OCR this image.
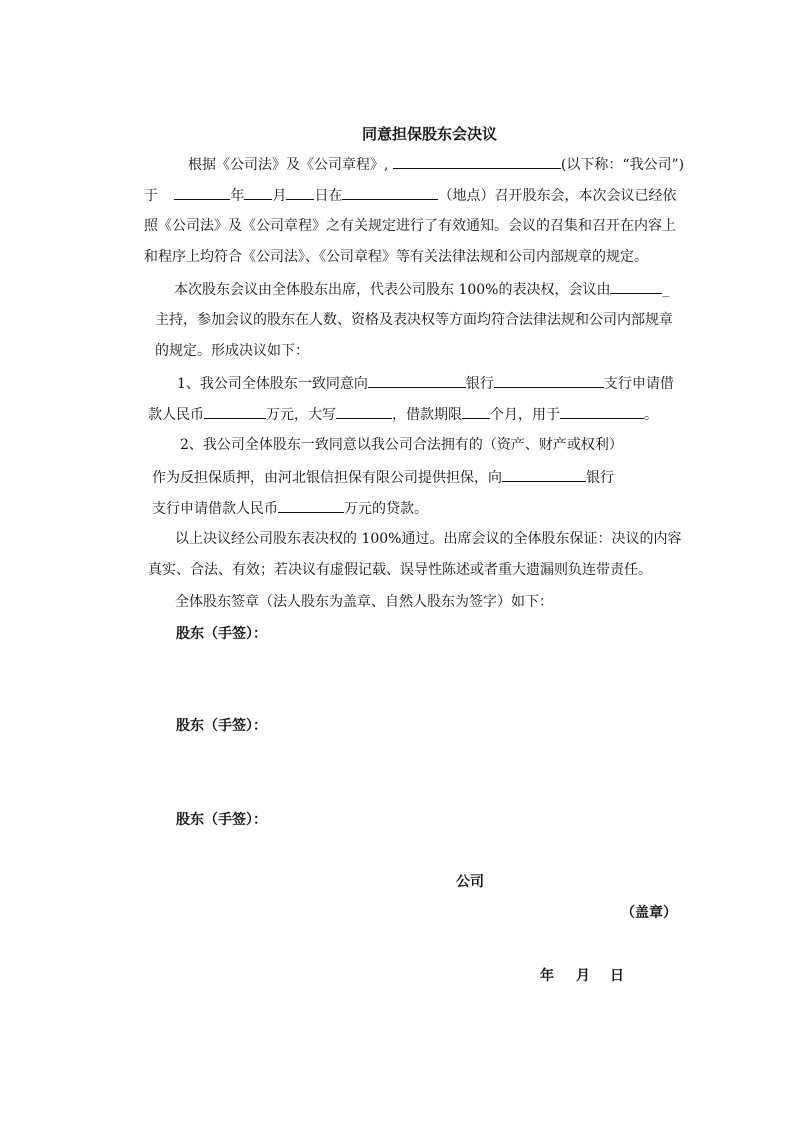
同意担保股东会决议
根据《公司法》及《公司章程》,	(以下称：“我公司”)
于	年 月 日在	（地点）召开股东会，本次会议已经依
照《公司法》及《公司章程》之有关规定进行了有效通知。会议的召集和召开在内容上
和程序上均符合《公司法》、《公司章程》等有关法律法规和公司内部规章的规定。
本次股东会议由全体股东出席，代表公司股东 100%的表决权，会议由	_
主持，参加会议的股东在人数、资格及表决权等方面均符合法律法规和公司内部规章
的规定。形成决议如下：
1、我公司全体股东一致同意向	银行	支行申请借
款人民币	万元，大写	，借款期限 个月，用于	。
2、我公司全体股东一致同意以我公司合法拥有的（资产、财产或权利）
作为反担保质押，由河北银信担保有限公司提供担保，向	银行
支行申请借款人民币	万元的贷款。
以上决议经公司股东表决权的 100%通过。出席会议的全体股东保证：决议的内容
真实、合法、有效；若决议有虚假记载、误导性陈述或者重大遗漏则负连带责任。
全体股东签章（法人股东为盖章、自然人股东为签字）如下：
股东（手签）：
股东（手签）：
股东（手签）：
公司
（盖章）
年 月 日
